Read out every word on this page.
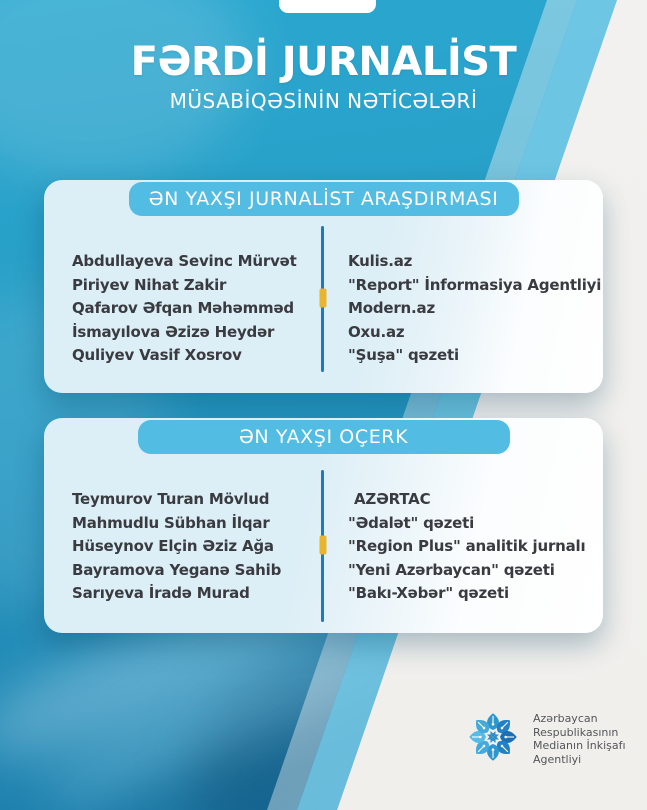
FƏRDİ JURNALİST
MÜSABİQƏSİNİN NƏTİCƏLƏRİ
ƏN YAXŞI JURNALİST ARAŞDIRMASI
Abdullayeva Sevinc Mürvət
Piriyev Nihat Zakir
Qafarov Əfqan Məhəmməd
İsmayılova Əzizə Heydər
Quliyev Vasif Xosrov
Kulis.az
"Report" İnformasiya Agentliyi
Modern.az
Oxu.az
"Şuşa" qəzeti
ƏN YAXŞI OÇERK
Teymurov Turan Mövlud
Mahmudlu Sübhan İlqar
Hüseynov Elçin Əziz Ağa
Bayramova Yeganə Sahib
Sarıyeva İradə Murad
AZƏRTAC
"Ədalət" qəzeti
"Region Plus" analitik jurnalı
"Yeni Azərbaycan" qəzeti
"Bakı-Xəbər" qəzeti
Azərbaycan
Respublikasının
Medianın İnkişafı
Agentliyi
